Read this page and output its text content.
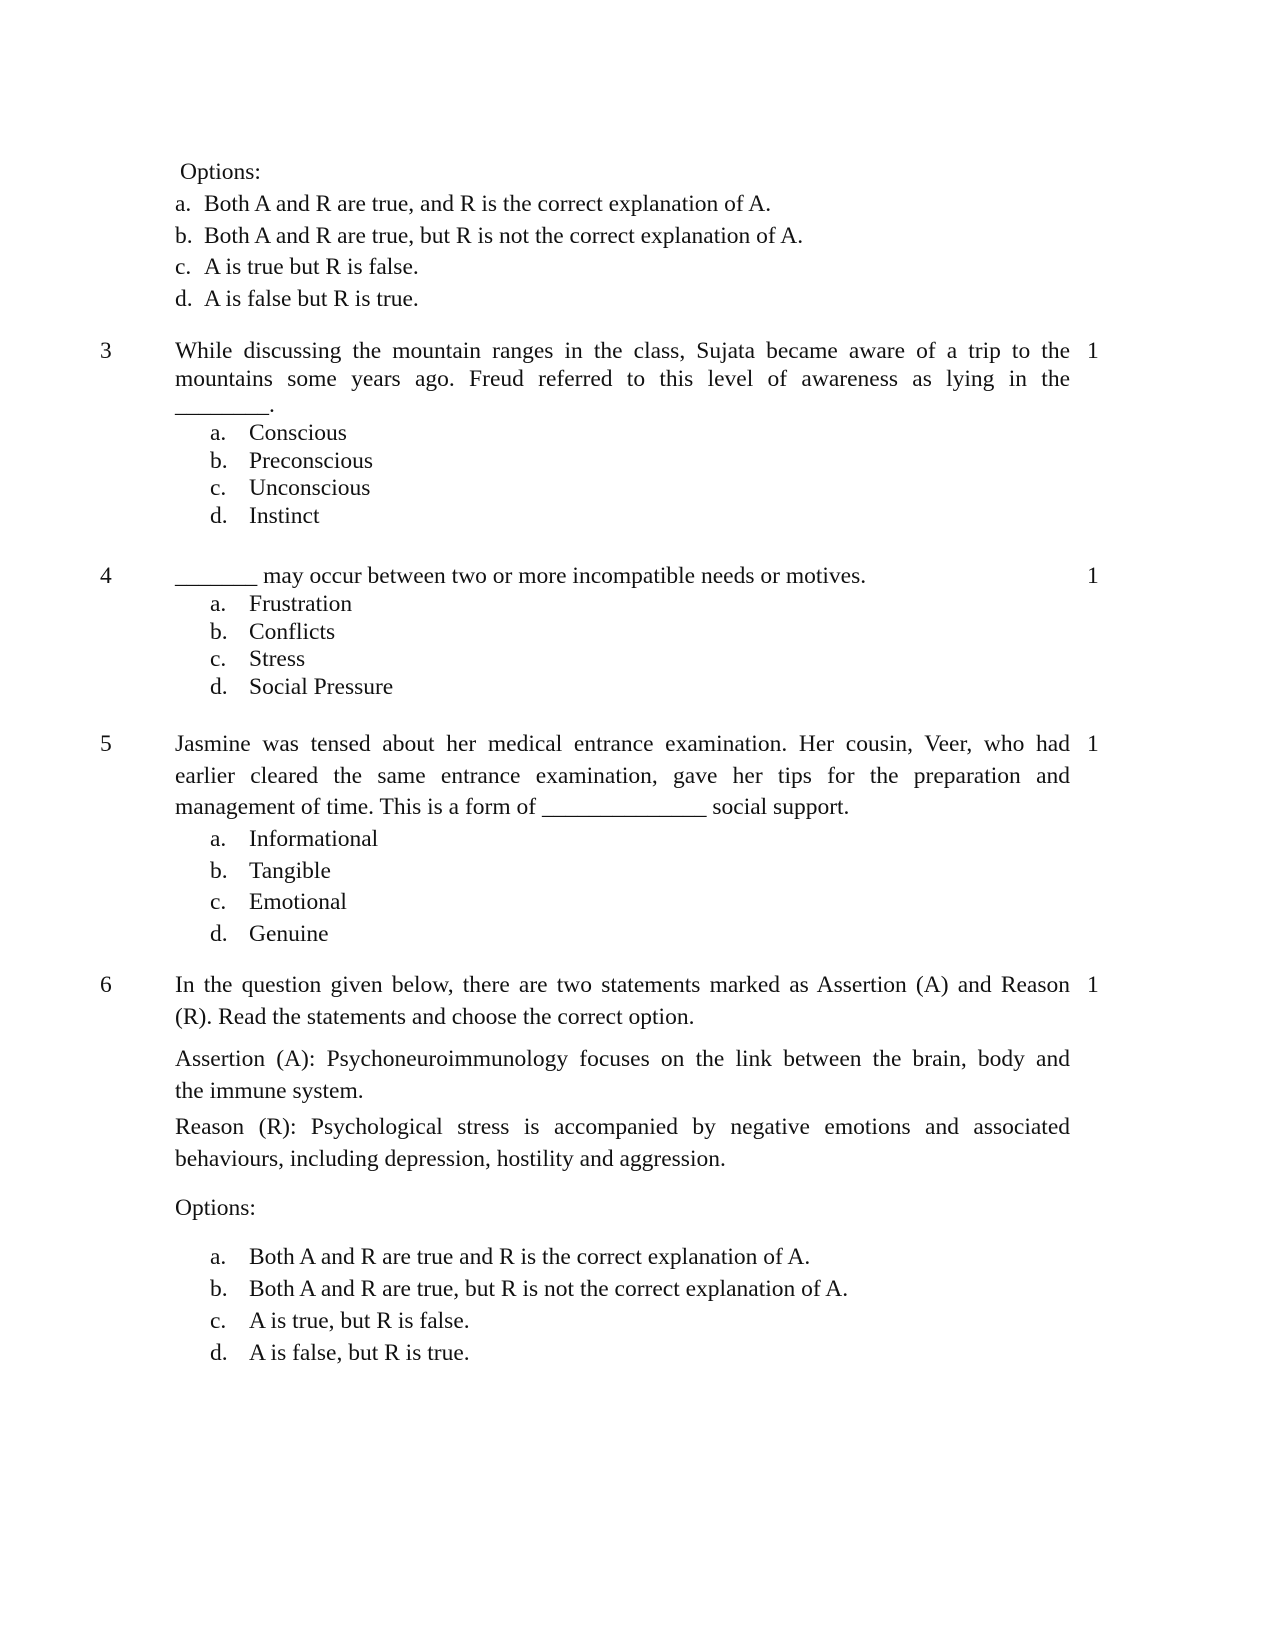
Options:
a. Both A and R are true, and R is the correct explanation of A.
b. Both A and R are true, but R is not the correct explanation of A.
c. A is true but R is false.
d. A is false but R is true.
3	1
While discussing the mountain ranges in the class, Sujata became aware of a trip to the
mountains some years ago. Freud referred to this level of awareness as lying in the
________.
a. Conscious
b. Preconscious
c. Unconscious
d. Instinct
4	1
_______ may occur between two or more incompatible needs or motives.
a. Frustration
b. Conflicts
c. Stress
d. Social Pressure
5	1
Jasmine was tensed about her medical entrance examination. Her cousin, Veer, who had
earlier cleared the same entrance examination, gave her tips for the preparation and
management of time. This is a form of ______________ social support.
a. Informational
b. Tangible
c. Emotional
d. Genuine
6	1
In the question given below, there are two statements marked as Assertion (A) and Reason
(R). Read the statements and choose the correct option.
Assertion (A): Psychoneuroimmunology focuses on the link between the brain, body and
the immune system.
Reason (R): Psychological stress is accompanied by negative emotions and associated
behaviours, including depression, hostility and aggression.
Options:
a. Both A and R are true and R is the correct explanation of A.
b. Both A and R are true, but R is not the correct explanation of A.
c. A is true, but R is false.
d. A is false, but R is true.
